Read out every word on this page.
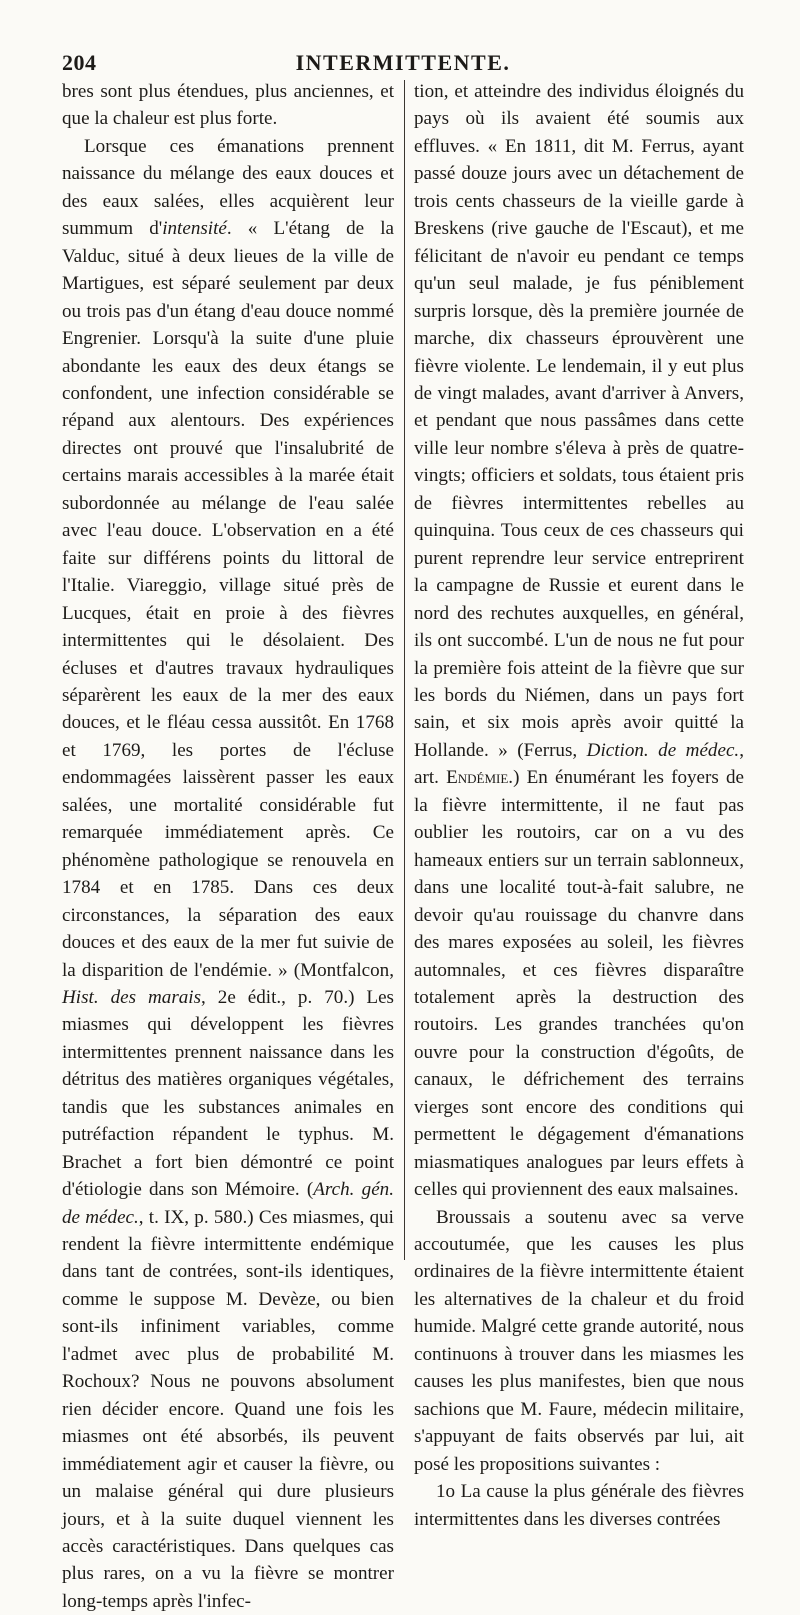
204	INTERMITTENTE.

bres sont plus étendues, plus anciennes, et que la chaleur est plus forte.

Lorsque ces émanations prennent naissance du mélange des eaux douces et des eaux salées, elles acquièrent leur summum d'intensité. « L'étang de la Valduc, situé à deux lieues de la ville de Martigues, est séparé seulement par deux ou trois pas d'un étang d'eau douce nommé Engrenier. Lorsqu'à la suite d'une pluie abondante les eaux des deux étangs se confondent, une infection considérable se répand aux alentours. Des expériences directes ont prouvé que l'insalubrité de certains marais accessibles à la marée était subordonnée au mélange de l'eau salée avec l'eau douce. L'observation en a été faite sur différens points du littoral de l'Italie. Viareggio, village situé près de Lucques, était en proie à des fièvres intermittentes qui le désolaient. Des écluses et d'autres travaux hydrauliques séparèrent les eaux de la mer des eaux douces, et le fléau cessa aussitôt. En 1768 et 1769, les portes de l'écluse endommagées laissèrent passer les eaux salées, une mortalité considérable fut remarquée immédiatement après. Ce phénomène pathologique se renouvela en 1784 et en 1785. Dans ces deux circonstances, la séparation des eaux douces et des eaux de la mer fut suivie de la disparition de l'endémie. » (Montfalcon, Hist. des marais, 2e édit., p. 70.) Les miasmes qui développent les fièvres intermittentes prennent naissance dans les détritus des matières organiques végétales, tandis que les substances animales en putréfaction répandent le typhus. M. Brachet a fort bien démontré ce point d'étiologie dans son Mémoire. (Arch. gén. de médec., t. IX, p. 580.) Ces miasmes, qui rendent la fièvre intermittente endémique dans tant de contrées, sont-ils identiques, comme le suppose M. Devèze, ou bien sont-ils infiniment variables, comme l'admet avec plus de probabilité M. Rochoux? Nous ne pouvons absolument rien décider encore. Quand une fois les miasmes ont été absorbés, ils peuvent immédiatement agir et causer la fièvre, ou un malaise général qui dure plusieurs jours, et à la suite duquel viennent les accès caractéristiques. Dans quelques cas plus rares, on a vu la fièvre se montrer long-temps après l'infec-

tion, et atteindre des individus éloignés du pays où ils avaient été soumis aux effluves. « En 1811, dit M. Ferrus, ayant passé douze jours avec un détachement de trois cents chasseurs de la vieille garde à Breskens (rive gauche de l'Escaut), et me félicitant de n'avoir eu pendant ce temps qu'un seul malade, je fus péniblement surpris lorsque, dès la première journée de marche, dix chasseurs éprouvèrent une fièvre violente. Le lendemain, il y eut plus de vingt malades, avant d'arriver à Anvers, et pendant que nous passâmes dans cette ville leur nombre s'éleva à près de quatre-vingts; officiers et soldats, tous étaient pris de fièvres intermittentes rebelles au quinquina. Tous ceux de ces chasseurs qui purent reprendre leur service entreprirent la campagne de Russie et eurent dans le nord des rechutes auxquelles, en général, ils ont succombé. L'un de nous ne fut pour la première fois atteint de la fièvre que sur les bords du Niémen, dans un pays fort sain, et six mois après avoir quitté la Hollande. » (Ferrus, Diction. de médec., art. Endémie.) En énumérant les foyers de la fièvre intermittente, il ne faut pas oublier les routoirs, car on a vu des hameaux entiers sur un terrain sablonneux, dans une localité tout-à-fait salubre, ne devoir qu'au rouissage du chanvre dans des mares exposées au soleil, les fièvres automnales, et ces fièvres disparaître totalement après la destruction des routoirs. Les grandes tranchées qu'on ouvre pour la construction d'égoûts, de canaux, le défrichement des terrains vierges sont encore des conditions qui permettent le dégagement d'émanations miasmatiques analogues par leurs effets à celles qui proviennent des eaux malsaines.

Broussais a soutenu avec sa verve accoutumée, que les causes les plus ordinaires de la fièvre intermittente étaient les alternatives de la chaleur et du froid humide. Malgré cette grande autorité, nous continuons à trouver dans les miasmes les causes les plus manifestes, bien que nous sachions que M. Faure, médecin militaire, s'appuyant de faits observés par lui, ait posé les propositions suivantes :

1o La cause la plus générale des fièvres intermittentes dans les diverses contrées
